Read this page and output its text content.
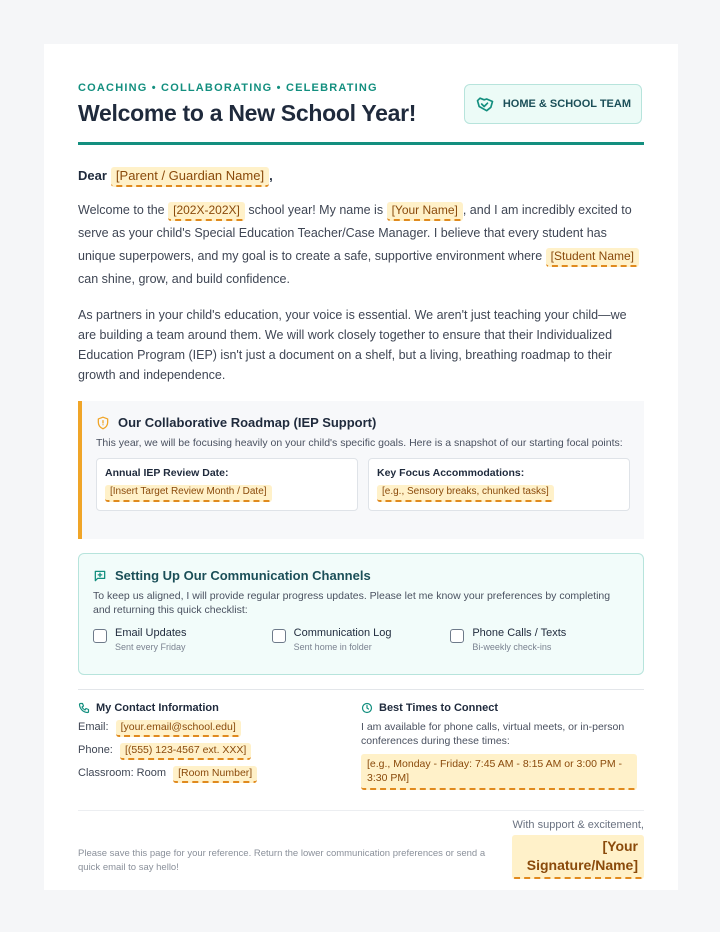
COACHING • COLLABORATING • CELEBRATING
Welcome to a New School Year!	HOME & SCHOOL TEAM
Dear [Parent / Guardian Name] ,

Welcome to the [202X-202X] school year! My name is [Your Name] , and I am incredibly excited to serve as your child's Special Education Teacher/Case Manager. I believe that every student has unique superpowers, and my goal is to create a safe, supportive environment where [Student Name] can shine, grow, and build confidence.

As partners in your child's education, your voice is essential. We aren't just teaching your child—we are building a team around them. We will work closely together to ensure that their Individualized Education Program (IEP) isn't just a document on a shelf, but a living, breathing roadmap to their growth and independence.

Our Collaborative Roadmap (IEP Support)
This year, we will be focusing heavily on your child's specific goals. Here is a snapshot of our starting focal points:
Annual IEP Review Date:
[Insert Target Review Month / Date]
Key Focus Accommodations:
[e.g., Sensory breaks, chunked tasks]
Setting Up Our Communication Channels
To keep us aligned, I will provide regular progress updates. Please let me know your preferences by completing and returning this quick checklist:
Email Updates
Sent every Friday
Communication Log
Sent home in folder
Phone Calls / Texts
Bi-weekly check-ins
My Contact Information
Email: [your.email@school.edu]
Phone: [(555) 123-4567 ext. XXX]
Classroom: Room [Room Number]
Best Times to Connect
I am available for phone calls, virtual meets, or in-person conferences during these times:
[e.g., Monday - Friday: 7:45 AM - 8:15 AM or 3:00 PM - 3:30 PM]
Please save this page for your reference. Return the lower communication preferences or send a quick email to say hello!
With support & excitement,
[Your Signature/Name]
